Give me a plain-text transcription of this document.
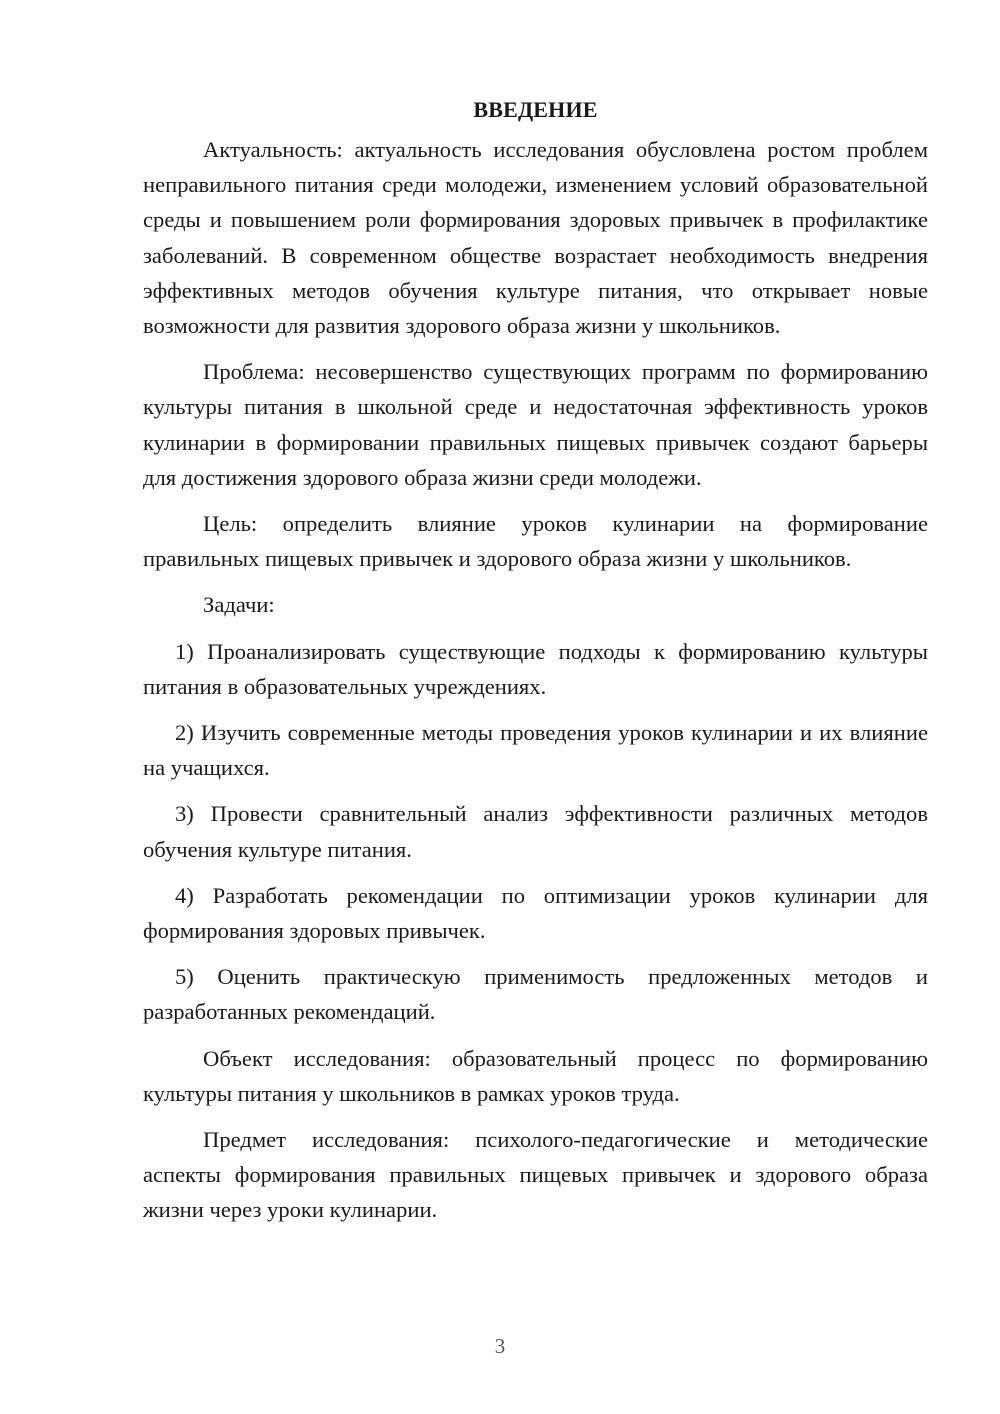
ВВЕДЕНИЕ

Актуальность: актуальность исследования обусловлена ростом проблем неправильного питания среди молодежи, изменением условий образовательной среды и повышением роли формирования здоровых привычек в профилактике заболеваний. В современном обществе возрастает необходимость внедрения эффективных методов обучения культуре питания, что открывает новые возможности для развития здорового образа жизни у школьников.

Проблема: несовершенство существующих программ по формированию культуры питания в школьной среде и недостаточная эффективность уроков кулинарии в формировании правильных пищевых привычек создают барьеры для достижения здорового образа жизни среди молодежи.

Цель: определить влияние уроков кулинарии на формирование правильных пищевых привычек и здорового образа жизни у школьников.

Задачи:

1) Проанализировать существующие подходы к формированию культуры питания в образовательных учреждениях.

2) Изучить современные методы проведения уроков кулинарии и их влияние на учащихся.

3) Провести сравнительный анализ эффективности различных методов обучения культуре питания.

4) Разработать рекомендации по оптимизации уроков кулинарии для формирования здоровых привычек.

5) Оценить практическую применимость предложенных методов и разработанных рекомендаций.

Объект исследования: образовательный процесс по формированию культуры питания у школьников в рамках уроков труда.

Предмет исследования: психолого-педагогические и методические аспекты формирования правильных пищевых привычек и здорового образа жизни через уроки кулинарии.

3
